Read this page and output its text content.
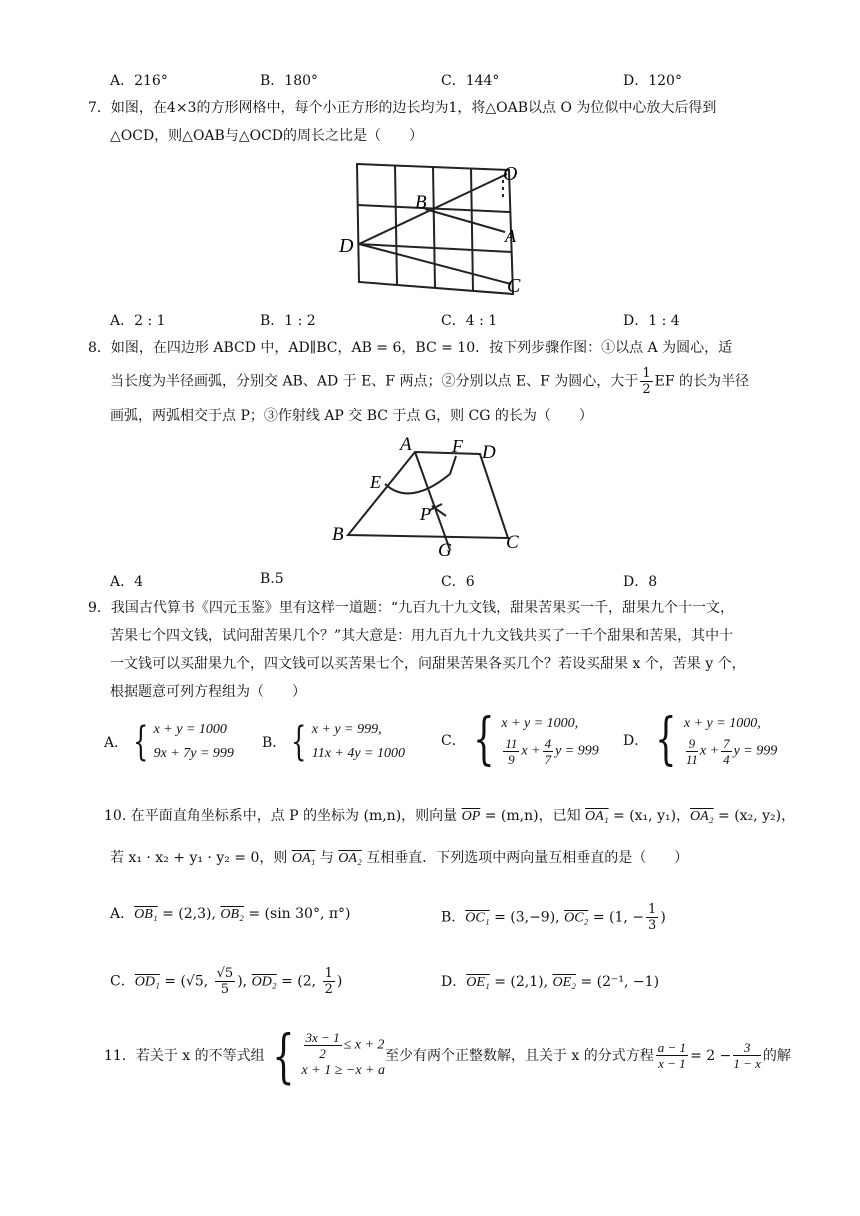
A．216°	B．180°	C．144°	D．120°
7．如图，在4×3的方形网格中，每个小正方形的边长均为1，将△OAB以点 O 为位似中心放大后得到
△OCD，则△OAB与△OCD的周长之比是（　　）
O
B
A
D
C
A．2 : 1	B．1 : 2	C．4 : 1	D．1 : 4
8．如图，在四边形 ABCD 中，AD∥BC，AB = 6，BC = 10．按下列步骤作图：①以点 A 为圆心，适
当长度为半径画弧，分别交 AB、AD 于 E、F 两点；②分别以点 E、F 为圆心，大于 $\frac{1}{2}$ EF 的长为半径
画弧，两弧相交于点 P；③作射线 AP 交 BC 于点 G，则 CG 的长为（　　）
A F D
E
P
B
G	C
A．4	B.5	C．6	D．8
9．我国古代算书《四元玉鉴》里有这样一道题：“九百九十九文钱，甜果苦果买一千，甜果九个十一文，
苦果七个四文钱，试问甜苦果几个？”其大意是：用九百九十九文钱共买了一千个甜果和苦果，其中十
一文钱可以买甜果九个，四文钱可以买苦果七个，问甜果苦果各买几个？若设买甜果 x 个，苦果 y 个，
根据题意可列方程组为（　　）
A． { x + y = 1000
9x + 7y = 999
B． { x + y = 999,
11x + 4y = 1000
C． { x + y = 1000,
$\frac{11}{9}$ $x + \frac{4}{7}$ y = 999
D． { x + y = 1000,
$\frac{9}{11}$ $x + \frac{7}{4}$ y = 999
10. 在平面直角坐标系中，点 P 的坐标为 (m,n)，则向量 $\overline{OP} = (m,n)$，已知 OA₁ = (x₁, y₁)，OA₂ = (x₂, y₂)，
若 x₁ · x₂ + y₁ · y₂ = 0，则 OA₁ 与 OA₂ 互相垂直．下列选项中两向量互相垂直的是（　　）
A．OB₁ = (2,3), OB₂ = (sin 30°, π°)	B．OC₁ = (3,−9), OC₂ = (1, − $\frac{1}{3}$ )
C．OD₁ = (√5, $\frac{√5}{5}$ ), OD₂ = (2, $\frac{1}{2}$ )	D．OE₁ = (2,1), OE₂ = (2⁻¹, −1)
11．若关于 x 的不等式组 { $\frac{3x - 1}{2} \le x + 2$
x + 1 ≥ −x + a
至少有两个正整数解，且关于 x 的分式方程 $\frac{a - 1}{x - 1} = 2 - \frac{3}{1 - x}$ 的解
